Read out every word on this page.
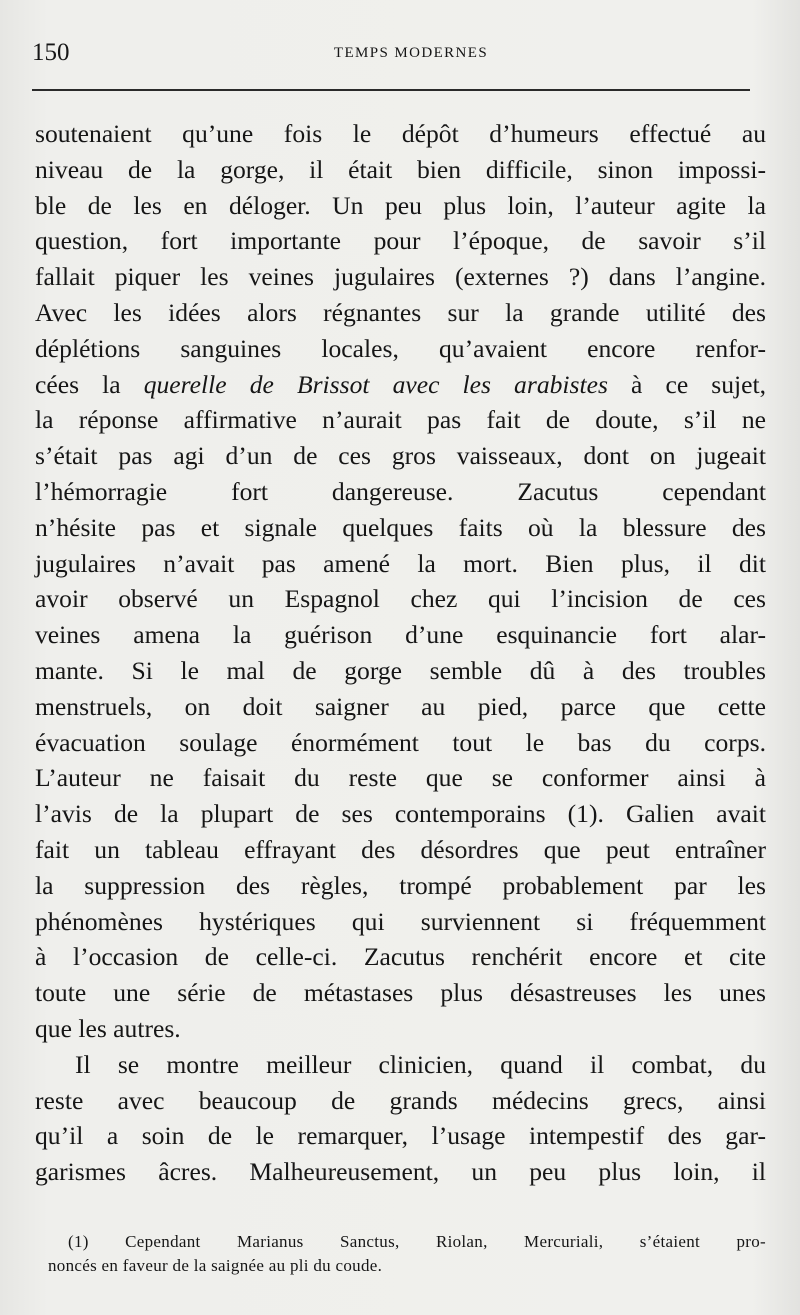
150	TEMPS MODERNES
soutenaient qu’une fois le dépôt d’humeurs effectué au
niveau de la gorge, il était bien difficile, sinon impossi-
ble de les en déloger. Un peu plus loin, l’auteur agite la
question, fort importante pour l’époque, de savoir s’il
fallait piquer les veines jugulaires (externes ?) dans l’angine.
Avec les idées alors régnantes sur la grande utilité des
déplétions sanguines locales, qu’avaient encore renfor-
cées la querelle de Brissot avec les arabistes à ce sujet,
la réponse affirmative n’aurait pas fait de doute, s’il ne
s’était pas agi d’un de ces gros vaisseaux, dont on jugeait
l’hémorragie fort dangereuse. Zacutus cependant
n’hésite pas et signale quelques faits où la blessure des
jugulaires n’avait pas amené la mort. Bien plus, il dit
avoir observé un Espagnol chez qui l’incision de ces
veines amena la guérison d’une esquinancie fort alar-
mante. Si le mal de gorge semble dû à des troubles
menstruels, on doit saigner au pied, parce que cette
évacuation soulage énormément tout le bas du corps.
L’auteur ne faisait du reste que se conformer ainsi à
l’avis de la plupart de ses contemporains (1). Galien avait
fait un tableau effrayant des désordres que peut entraîner
la suppression des règles, trompé probablement par les
phénomènes hystériques qui surviennent si fréquemment
à l’occasion de celle-ci. Zacutus renchérit encore et cite
toute une série de métastases plus désastreuses les unes
que les autres.
Il se montre meilleur clinicien, quand il combat, du
reste avec beaucoup de grands médecins grecs, ainsi
qu’il a soin de le remarquer, l’usage intempestif des gar-
garismes âcres. Malheureusement, un peu plus loin, il
(1) Cependant Marianus Sanctus, Riolan, Mercuriali, s’étaient pro-
noncés en faveur de la saignée au pli du coude.
